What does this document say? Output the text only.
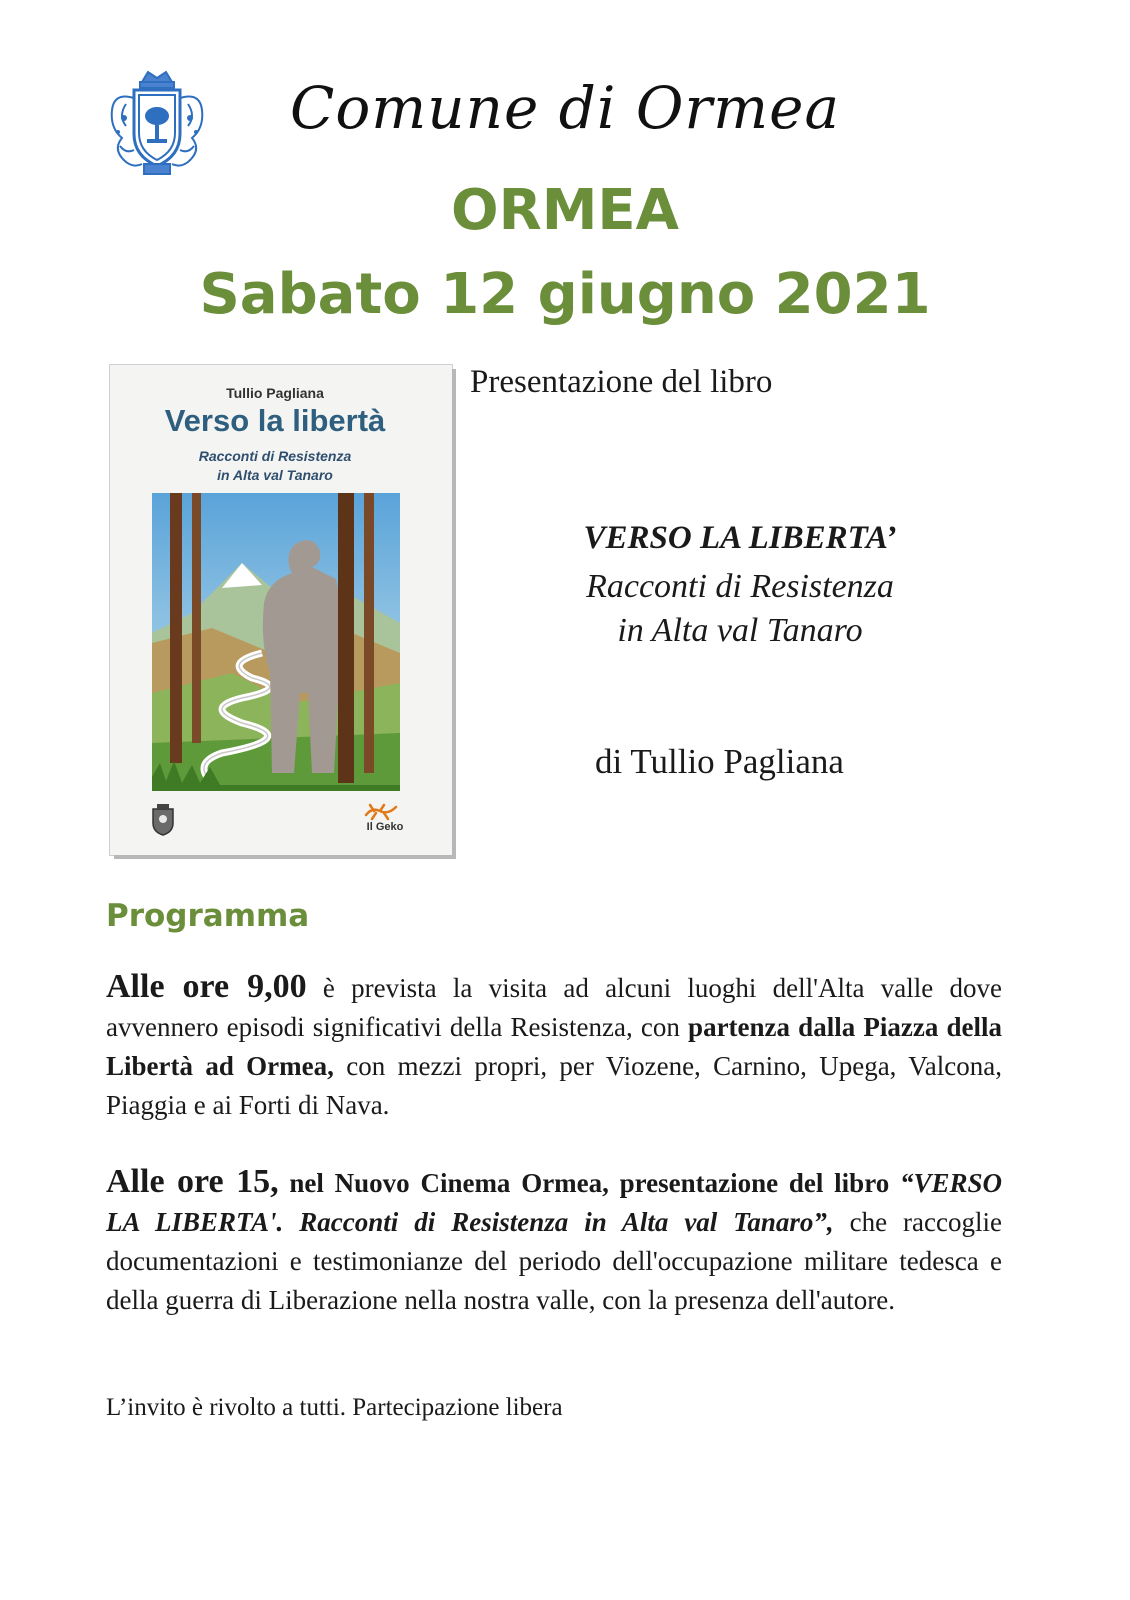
Comune di Ormea
ORMEA
Sabato 12 giugno 2021
Tullio Pagliana
Verso la libertà
Racconti di Resistenza
in Alta val Tanaro
Il Geko
Presentazione del libro
VERSO LA LIBERTA’
Racconti di Resistenza
in Alta val Tanaro
di Tullio Pagliana
Programma
Alle ore 9,00 è prevista la visita ad alcuni luoghi dell'Alta valle dove avvennero episodi significativi della Resistenza, con partenza dalla Piazza della Libertà ad Ormea, con mezzi propri, per Viozene, Carnino, Upega, Valcona, Piaggia e ai Forti di Nava.
Alle ore 15, nel Nuovo Cinema Ormea, presentazione del libro “VERSO LA LIBERTA'. Racconti di Resistenza in Alta val Tanaro”, che raccoglie documentazioni e testimonianze del periodo dell'occupazione militare tedesca e della guerra di Liberazione nella nostra valle, con la presenza dell'autore.
L’invito è rivolto a tutti. Partecipazione libera
